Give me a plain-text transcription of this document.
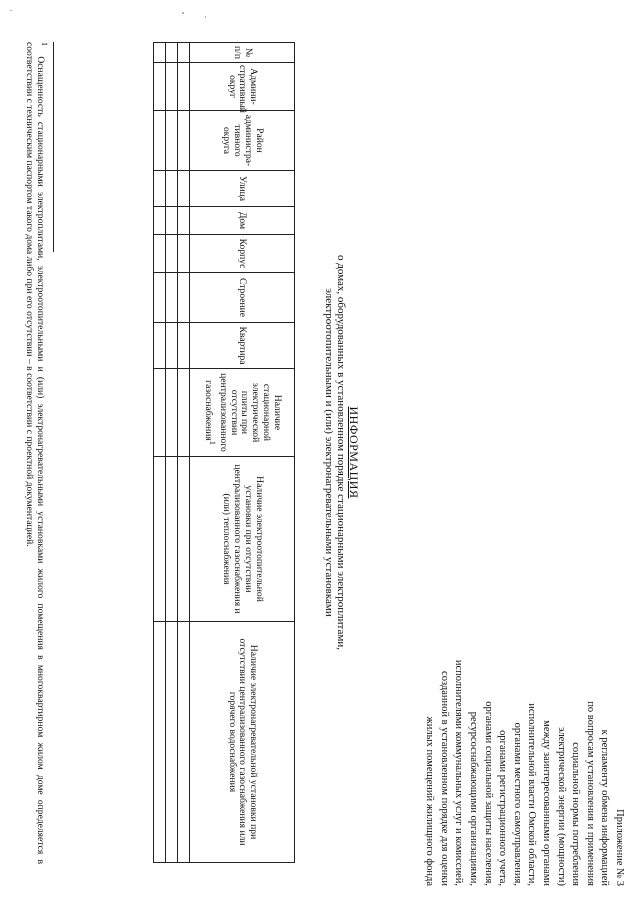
Приложение № 3
к регламенту обмена информацией
по вопросам установления и применения
социальной нормы потребления
электрической энергии (мощности)
между заинтересованными органами
исполнительной власти Омской области,
органами местного самоуправления,
органами регистрационного учета,
органами социальной защиты населения,
ресурсоснабжающими организациями,
исполнителями коммунальных услуг и комиссией,
созданной в установленном порядке для оценки
жилых помещений жилищного фонда
ИНФОРМАЦИЯ
о домах, оборудованных в установленном порядке стационарными электроплитами,
электроотопительными и (или) электронагревательными установками
№ п/п	Админи-стративный округ	Район администра-тивного округа	Улица	Дом	Корпус	Строение	Квартира	Наличие стационарной электрической плиты при отсутствии централизованного газоснабжения$^1$	Наличие электроотопительной установки при отсутствии централизованного газоснабжения и (или) теплоснабжения	Наличие электронагревательной установки при отсутствии централизованного газоснабжения или горячего водоснабжения

$^1$  Оснащенность стационарными электроплитами, электроотопительными и (или) электронагревательными установками жилого помещения в многоквартирном жилом доме определяется в соответствии с техническим паспортом такого дома либо при его отсутствии – в соответствии с проектной документацией.
